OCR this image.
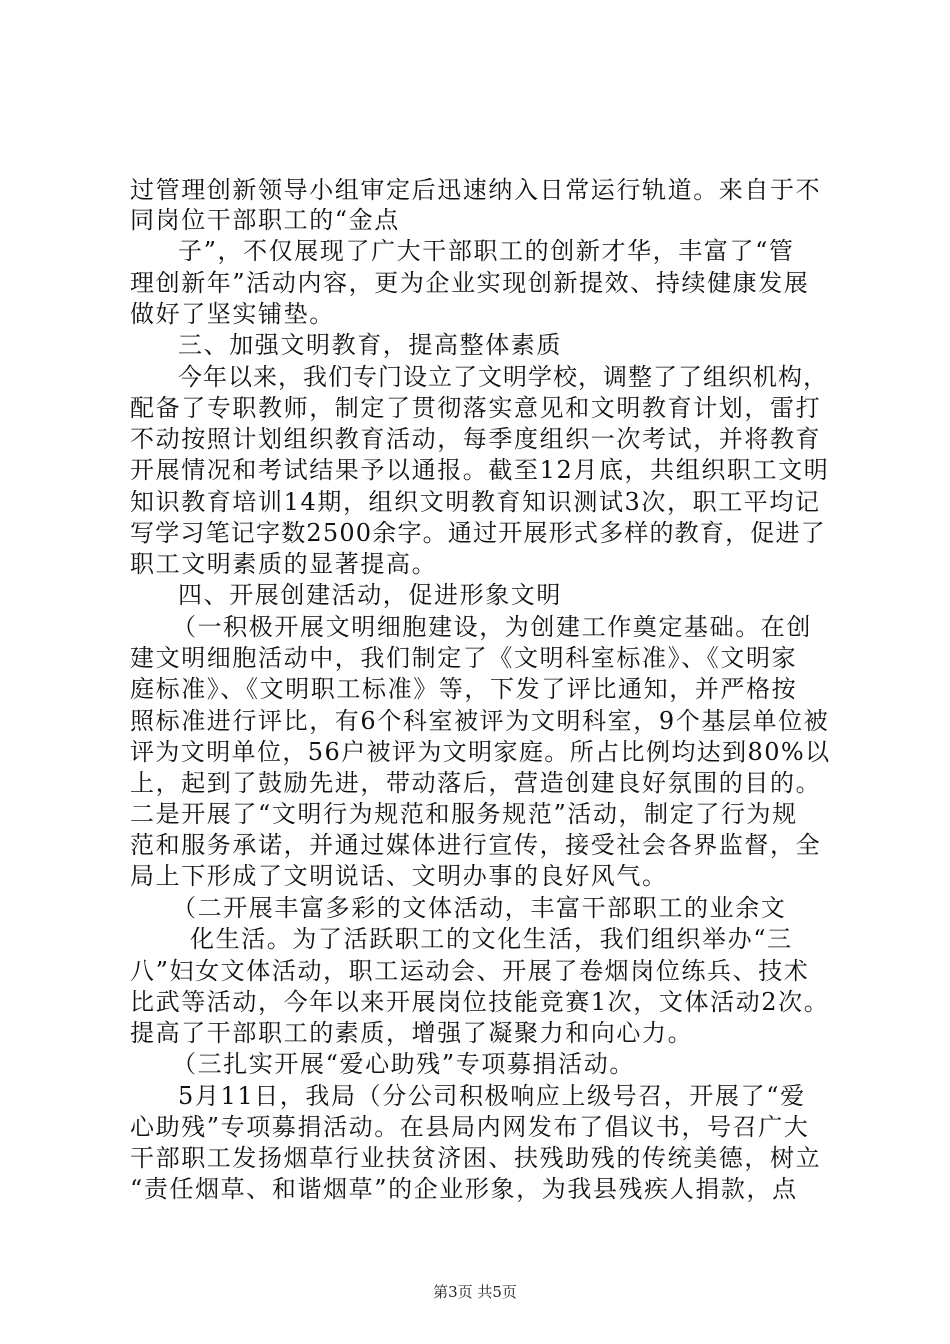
过管理创新领导小组审定后迅速纳入日常运行轨道。来自于不
同岗位干部职工的“金点
子”，不仅展现了广大干部职工的创新才华，丰富了“管
理创新年”活动内容，更为企业实现创新提效、持续健康发展
做好了坚实铺垫。
三、加强文明教育，提高整体素质
今年以来，我们专门设立了文明学校，调整了了组织机构，
配备了专职教师，制定了贯彻落实意见和文明教育计划，雷打
不动按照计划组织教育活动，每季度组织一次考试，并将教育
开展情况和考试结果予以通报。截至12月底，共组织职工文明
知识教育培训14期，组织文明教育知识测试3次，职工平均记
写学习笔记字数2500余字。通过开展形式多样的教育，促进了
职工文明素质的显著提高。
四、开展创建活动，促进形象文明
（一积极开展文明细胞建设，为创建工作奠定基础。在创
建文明细胞活动中，我们制定了《文明科室标准》、《文明家
庭标准》、《文明职工标准》等，下发了评比通知，并严格按
照标准进行评比，有6个科室被评为文明科室，9个基层单位被
评为文明单位，56户被评为文明家庭。所占比例均达到80%以
上，起到了鼓励先进，带动落后，营造创建良好氛围的目的。
二是开展了“文明行为规范和服务规范”活动，制定了行为规
范和服务承诺，并通过媒体进行宣传，接受社会各界监督，全
局上下形成了文明说话、文明办事的良好风气。
（二开展丰富多彩的文体活动，丰富干部职工的业余文
化生活。为了活跃职工的文化生活，我们组织举办“三
八”妇女文体活动，职工运动会、开展了卷烟岗位练兵、技术
比武等活动，今年以来开展岗位技能竞赛1次，文体活动2次。
提高了干部职工的素质，增强了凝聚力和向心力。
（三扎实开展“爱心助残”专项募捐活动。
5月11日，我局（分公司积极响应上级号召，开展了“爱
心助残”专项募捐活动。在县局内网发布了倡议书，号召广大
干部职工发扬烟草行业扶贫济困、扶残助残的传统美德，树立
“责任烟草、和谐烟草”的企业形象，为我县残疾人捐款，点
第3页 共5页
